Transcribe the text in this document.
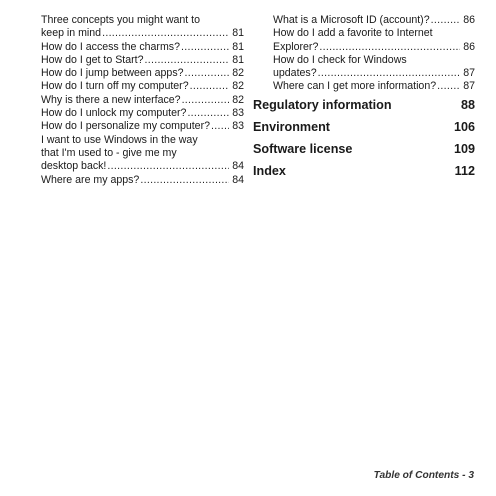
Three concepts you might want to
keep in mind .....	81
How do I access the charms? .....	81
How do I get to Start? .....	81
How do I jump between apps? .....	82
How do I turn off my computer? .....	82
Why is there a new interface? .....	82
How do I unlock my computer? .....	83
How do I personalize my computer? ..... 83
I want to use Windows in the way
that I'm used to - give me my
desktop back! .....	84
Where are my apps? .....	84
What is a Microsoft ID (account)? .....	86
How do I add a favorite to Internet
Explorer? .....	86
How do I check for Windows
updates? .....	87
Where can I get more information? .....	87
Regulatory information	88
Environment	106
Software license	109
Index	112
Table of Contents - 3
